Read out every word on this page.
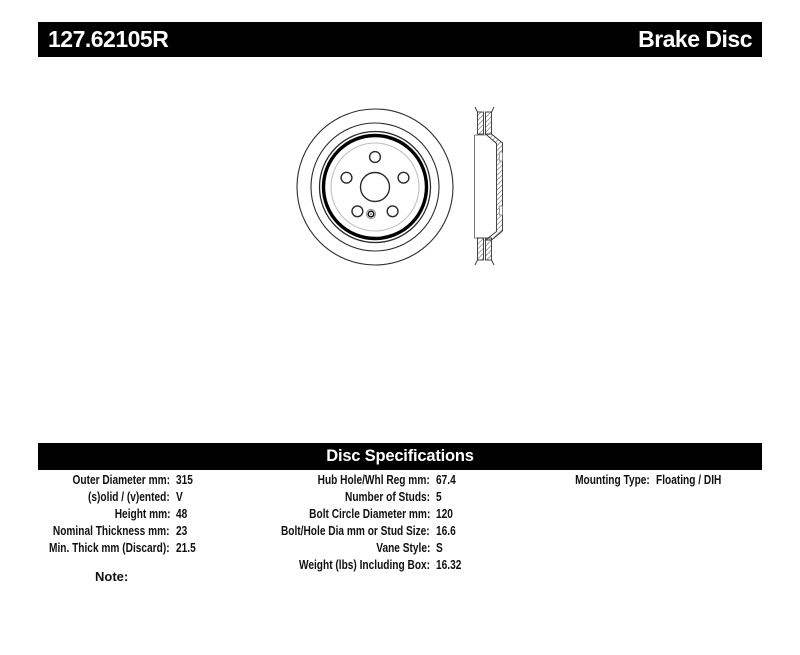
127.62105R	Brake Disc
Disc Specifications
Outer Diameter mm: 315
(s)olid / (v)ented: V
Height mm: 48
Nominal Thickness mm: 23
Min. Thick mm (Discard): 21.5
Hub Hole/Whl Reg mm: 67.4
Number of Studs: 5
Bolt Circle Diameter mm: 120
Bolt/Hole Dia mm or Stud Size: 16.6
Vane Style: S
Weight (lbs) Including Box: 16.32
Mounting Type: Floating / DIH
Note:
